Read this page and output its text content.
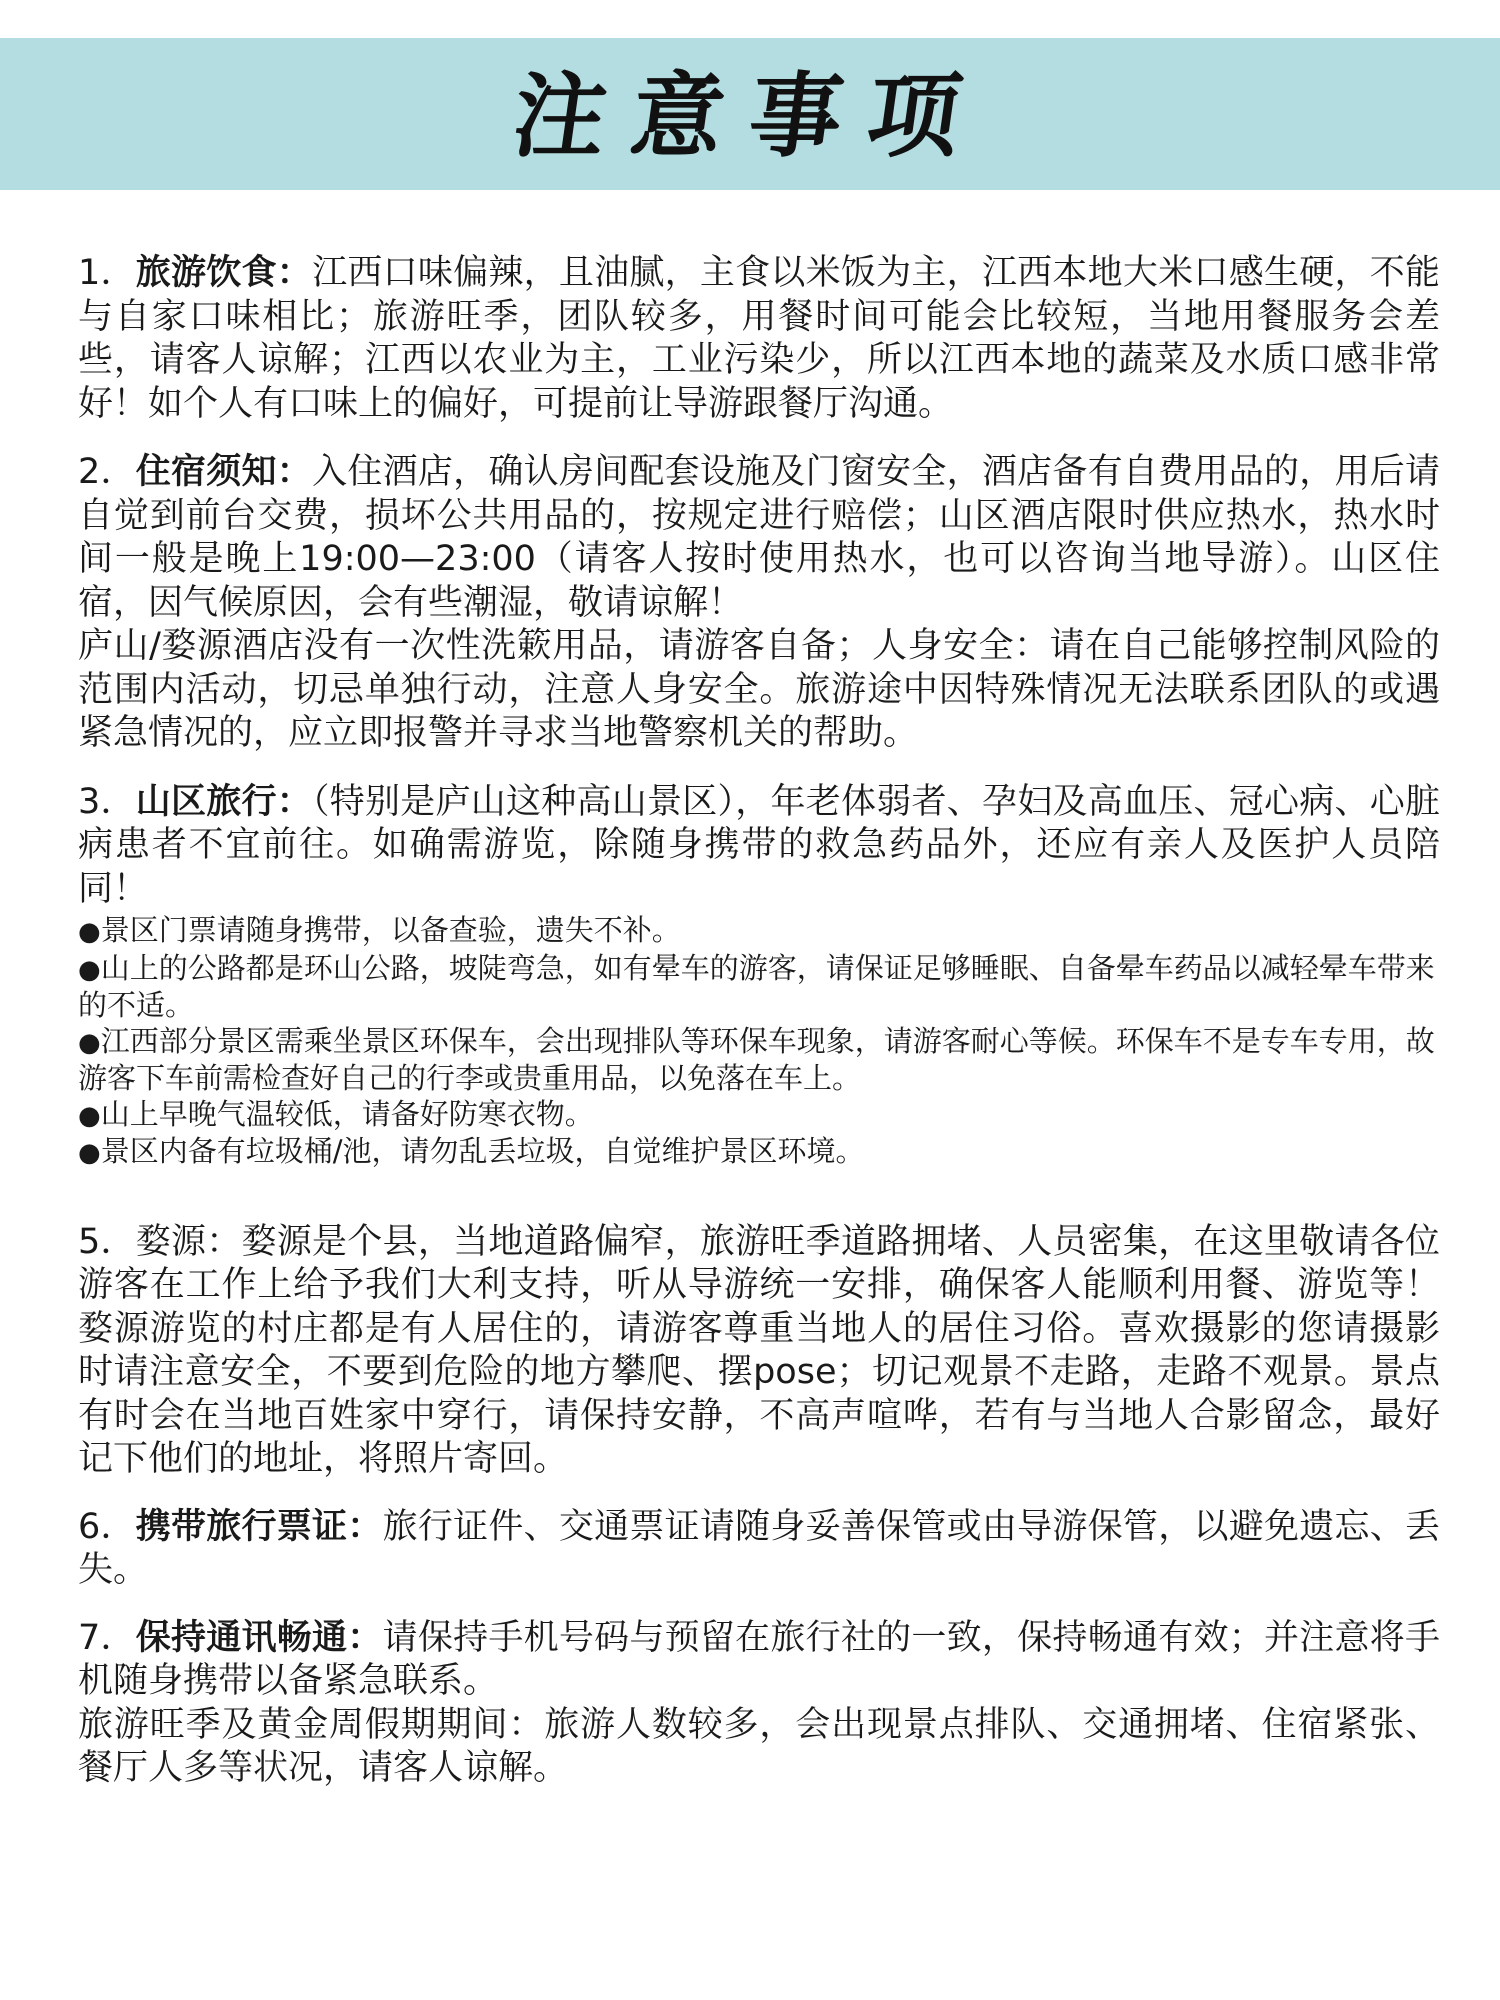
注意事项

1．旅游饮食：江西口味偏辣，且油腻，主食以米饭为主，江西本地大米口感生硬，不能与自家口味相比；旅游旺季，团队较多，用餐时间可能会比较短，当地用餐服务会差些，请客人谅解；江西以农业为主，工业污染少，所以江西本地的蔬菜及水质口感非常好！如个人有口味上的偏好，可提前让导游跟餐厅沟通。

2．住宿须知：入住酒店，确认房间配套设施及门窗安全，酒店备有自费用品的，用后请自觉到前台交费，损坏公共用品的，按规定进行赔偿；山区酒店限时供应热水，热水时间一般是晚上19:00—23:00（请客人按时使用热水，也可以咨询当地导游）。山区住宿，因气候原因，会有些潮湿，敬请谅解！

庐山/婺源酒店没有一次性洗簌用品，请游客自备；人身安全：请在自己能够控制风险的范围内活动，切忌单独行动，注意人身安全。旅游途中因特殊情况无法联系团队的或遇紧急情况的，应立即报警并寻求当地警察机关的帮助。

3．山区旅行：（特别是庐山这种高山景区），年老体弱者、孕妇及高血压、冠心病、心脏病患者不宜前往。如确需游览，除随身携带的救急药品外，还应有亲人及医护人员陪同！

●景区门票请随身携带，以备查验，遗失不补。
●山上的公路都是环山公路，坡陡弯急，如有晕车的游客，请保证足够睡眠、自备晕车药品以减轻晕车带来的不适。
●江西部分景区需乘坐景区环保车，会出现排队等环保车现象，请游客耐心等候。环保车不是专车专用，故游客下车前需检查好自己的行李或贵重用品，以免落在车上。
●山上早晚气温较低，请备好防寒衣物。
●景区内备有垃圾桶/池，请勿乱丢垃圾，自觉维护景区环境。

5．婺源：婺源是个县，当地道路偏窄，旅游旺季道路拥堵、人员密集，在这里敬请各位游客在工作上给予我们大利支持，听从导游统一安排，确保客人能顺利用餐、游览等！婺源游览的村庄都是有人居住的，请游客尊重当地人的居住习俗。喜欢摄影的您请摄影时请注意安全，不要到危险的地方攀爬、摆pose；切记观景不走路，走路不观景。景点有时会在当地百姓家中穿行，请保持安静，不高声喧哗，若有与当地人合影留念，最好记下他们的地址，将照片寄回。

6．携带旅行票证：旅行证件、交通票证请随身妥善保管或由导游保管，以避免遗忘、丢失。

7．保持通讯畅通：请保持手机号码与预留在旅行社的一致，保持畅通有效；并注意将手机随身携带以备紧急联系。

旅游旺季及黄金周假期期间：旅游人数较多，会出现景点排队、交通拥堵、住宿紧张、餐厅人多等状况，请客人谅解。
